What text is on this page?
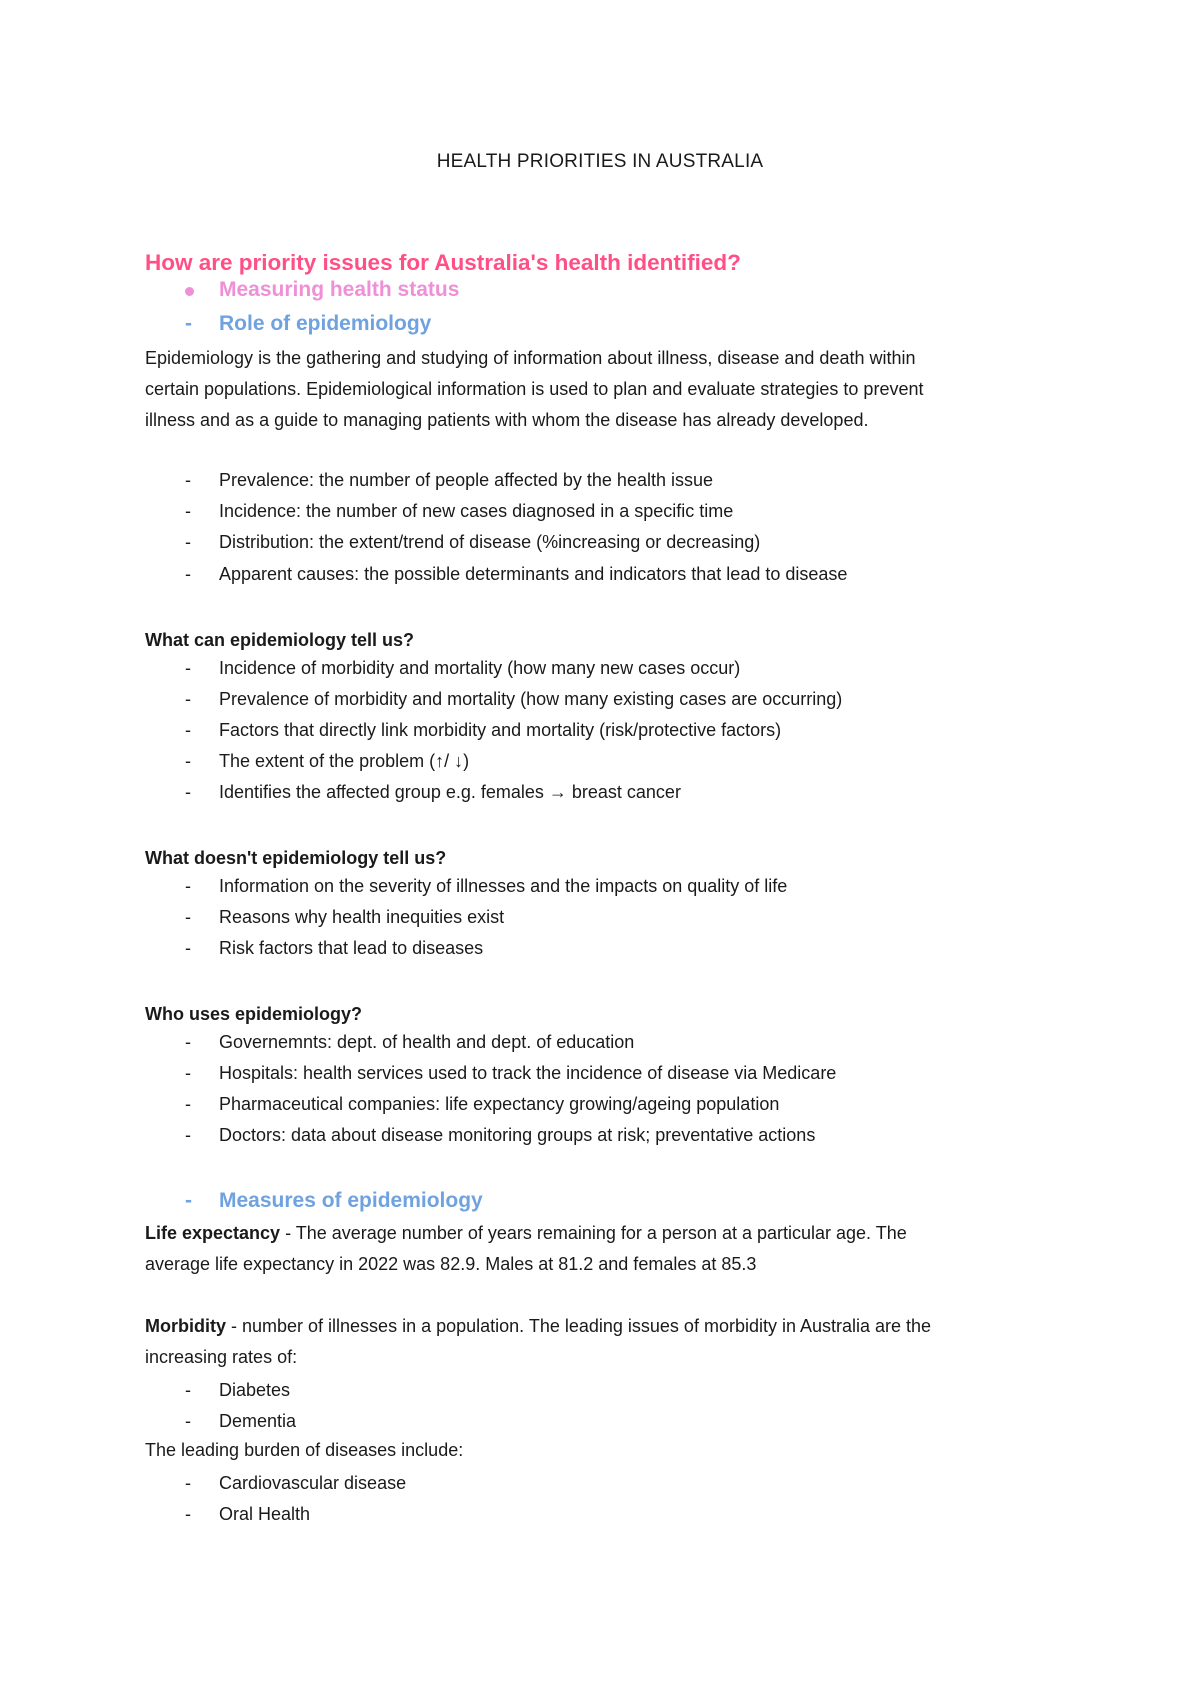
HEALTH PRIORITIES IN AUSTRALIA
How are priority issues for Australia's health identified?
Measuring health status
- Role of epidemiology
Epidemiology is the gathering and studying of information about illness, disease and death within
certain populations. Epidemiological information is used to plan and evaluate strategies to prevent
illness and as a guide to managing patients with whom the disease has already developed.
- Prevalence: the number of people affected by the health issue
- Incidence: the number of new cases diagnosed in a specific time
- Distribution: the extent/trend of disease (%increasing or decreasing)
- Apparent causes: the possible determinants and indicators that lead to disease
What can epidemiology tell us?
- Incidence of morbidity and mortality (how many new cases occur)
- Prevalence of morbidity and mortality (how many existing cases are occurring)
- Factors that directly link morbidity and mortality (risk/protective factors)
- The extent of the problem (↑/ ↓)
- Identifies the affected group e.g. females → breast cancer
What doesn't epidemiology tell us?
- Information on the severity of illnesses and the impacts on quality of life
- Reasons why health inequities exist
- Risk factors that lead to diseases
Who uses epidemiology?
- Governemnts: dept. of health and dept. of education
- Hospitals: health services used to track the incidence of disease via Medicare
- Pharmaceutical companies: life expectancy growing/ageing population
- Doctors: data about disease monitoring groups at risk; preventative actions
- Measures of epidemiology
Life expectancy - The average number of years remaining for a person at a particular age. The
average life expectancy in 2022 was 82.9. Males at 81.2 and females at 85.3
Morbidity - number of illnesses in a population. The leading issues of morbidity in Australia are the
increasing rates of:
- Diabetes
- Dementia
The leading burden of diseases include:
- Cardiovascular disease
- Oral Health
